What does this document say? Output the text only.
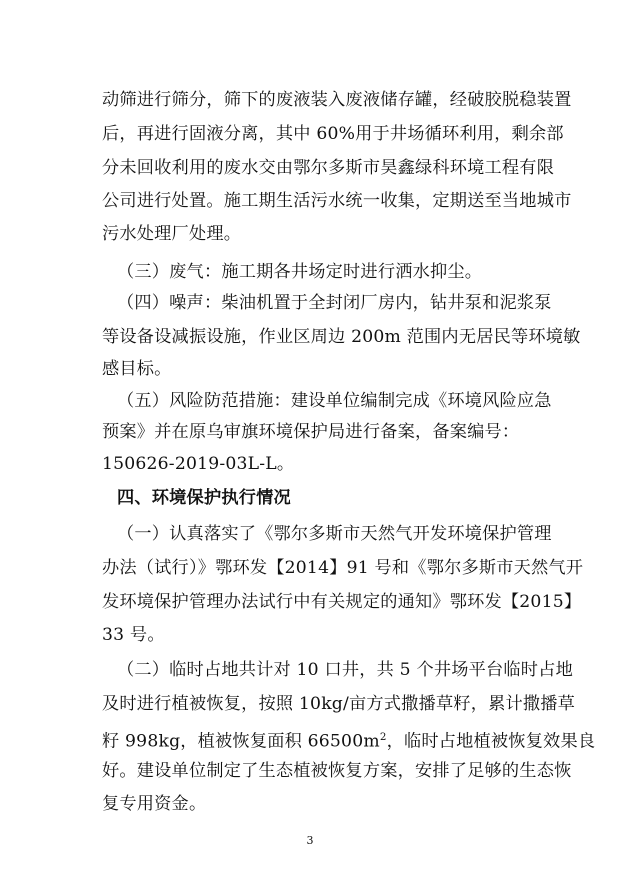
动筛进行筛分，筛下的废液装入废液储存罐，经破胶脱稳装置
后，再进行固液分离，其中 60%用于井场循环利用，剩余部
分未回收利用的废水交由鄂尔多斯市昊鑫绿科环境工程有限
公司进行处置。施工期生活污水统一收集，定期送至当地城市
污水处理厂处理。
（三）废气：施工期各井场定时进行洒水抑尘。
（四）噪声：柴油机置于全封闭厂房内，钻井泵和泥浆泵
等设备设减振设施，作业区周边 200m 范围内无居民等环境敏
感目标。
（五）风险防范措施：建设单位编制完成《环境风险应急
预案》并在原乌审旗环境保护局进行备案，备案编号：
150626-2019-03L-L。
四、环境保护执行情况
（一）认真落实了《鄂尔多斯市天然气开发环境保护管理
办法（试行）》鄂环发【2014】91 号和《鄂尔多斯市天然气开
发环境保护管理办法试行中有关规定的通知》鄂环发【2015】
33 号。
（二）临时占地共计对 10 口井，共 5 个井场平台临时占地
及时进行植被恢复，按照 10kg/亩方式撒播草籽，累计撒播草
籽 998kg，植被恢复面积 $66500m^2$，临时占地植被恢复效果良
好。建设单位制定了生态植被恢复方案，安排了足够的生态恢
复专用资金。
3
